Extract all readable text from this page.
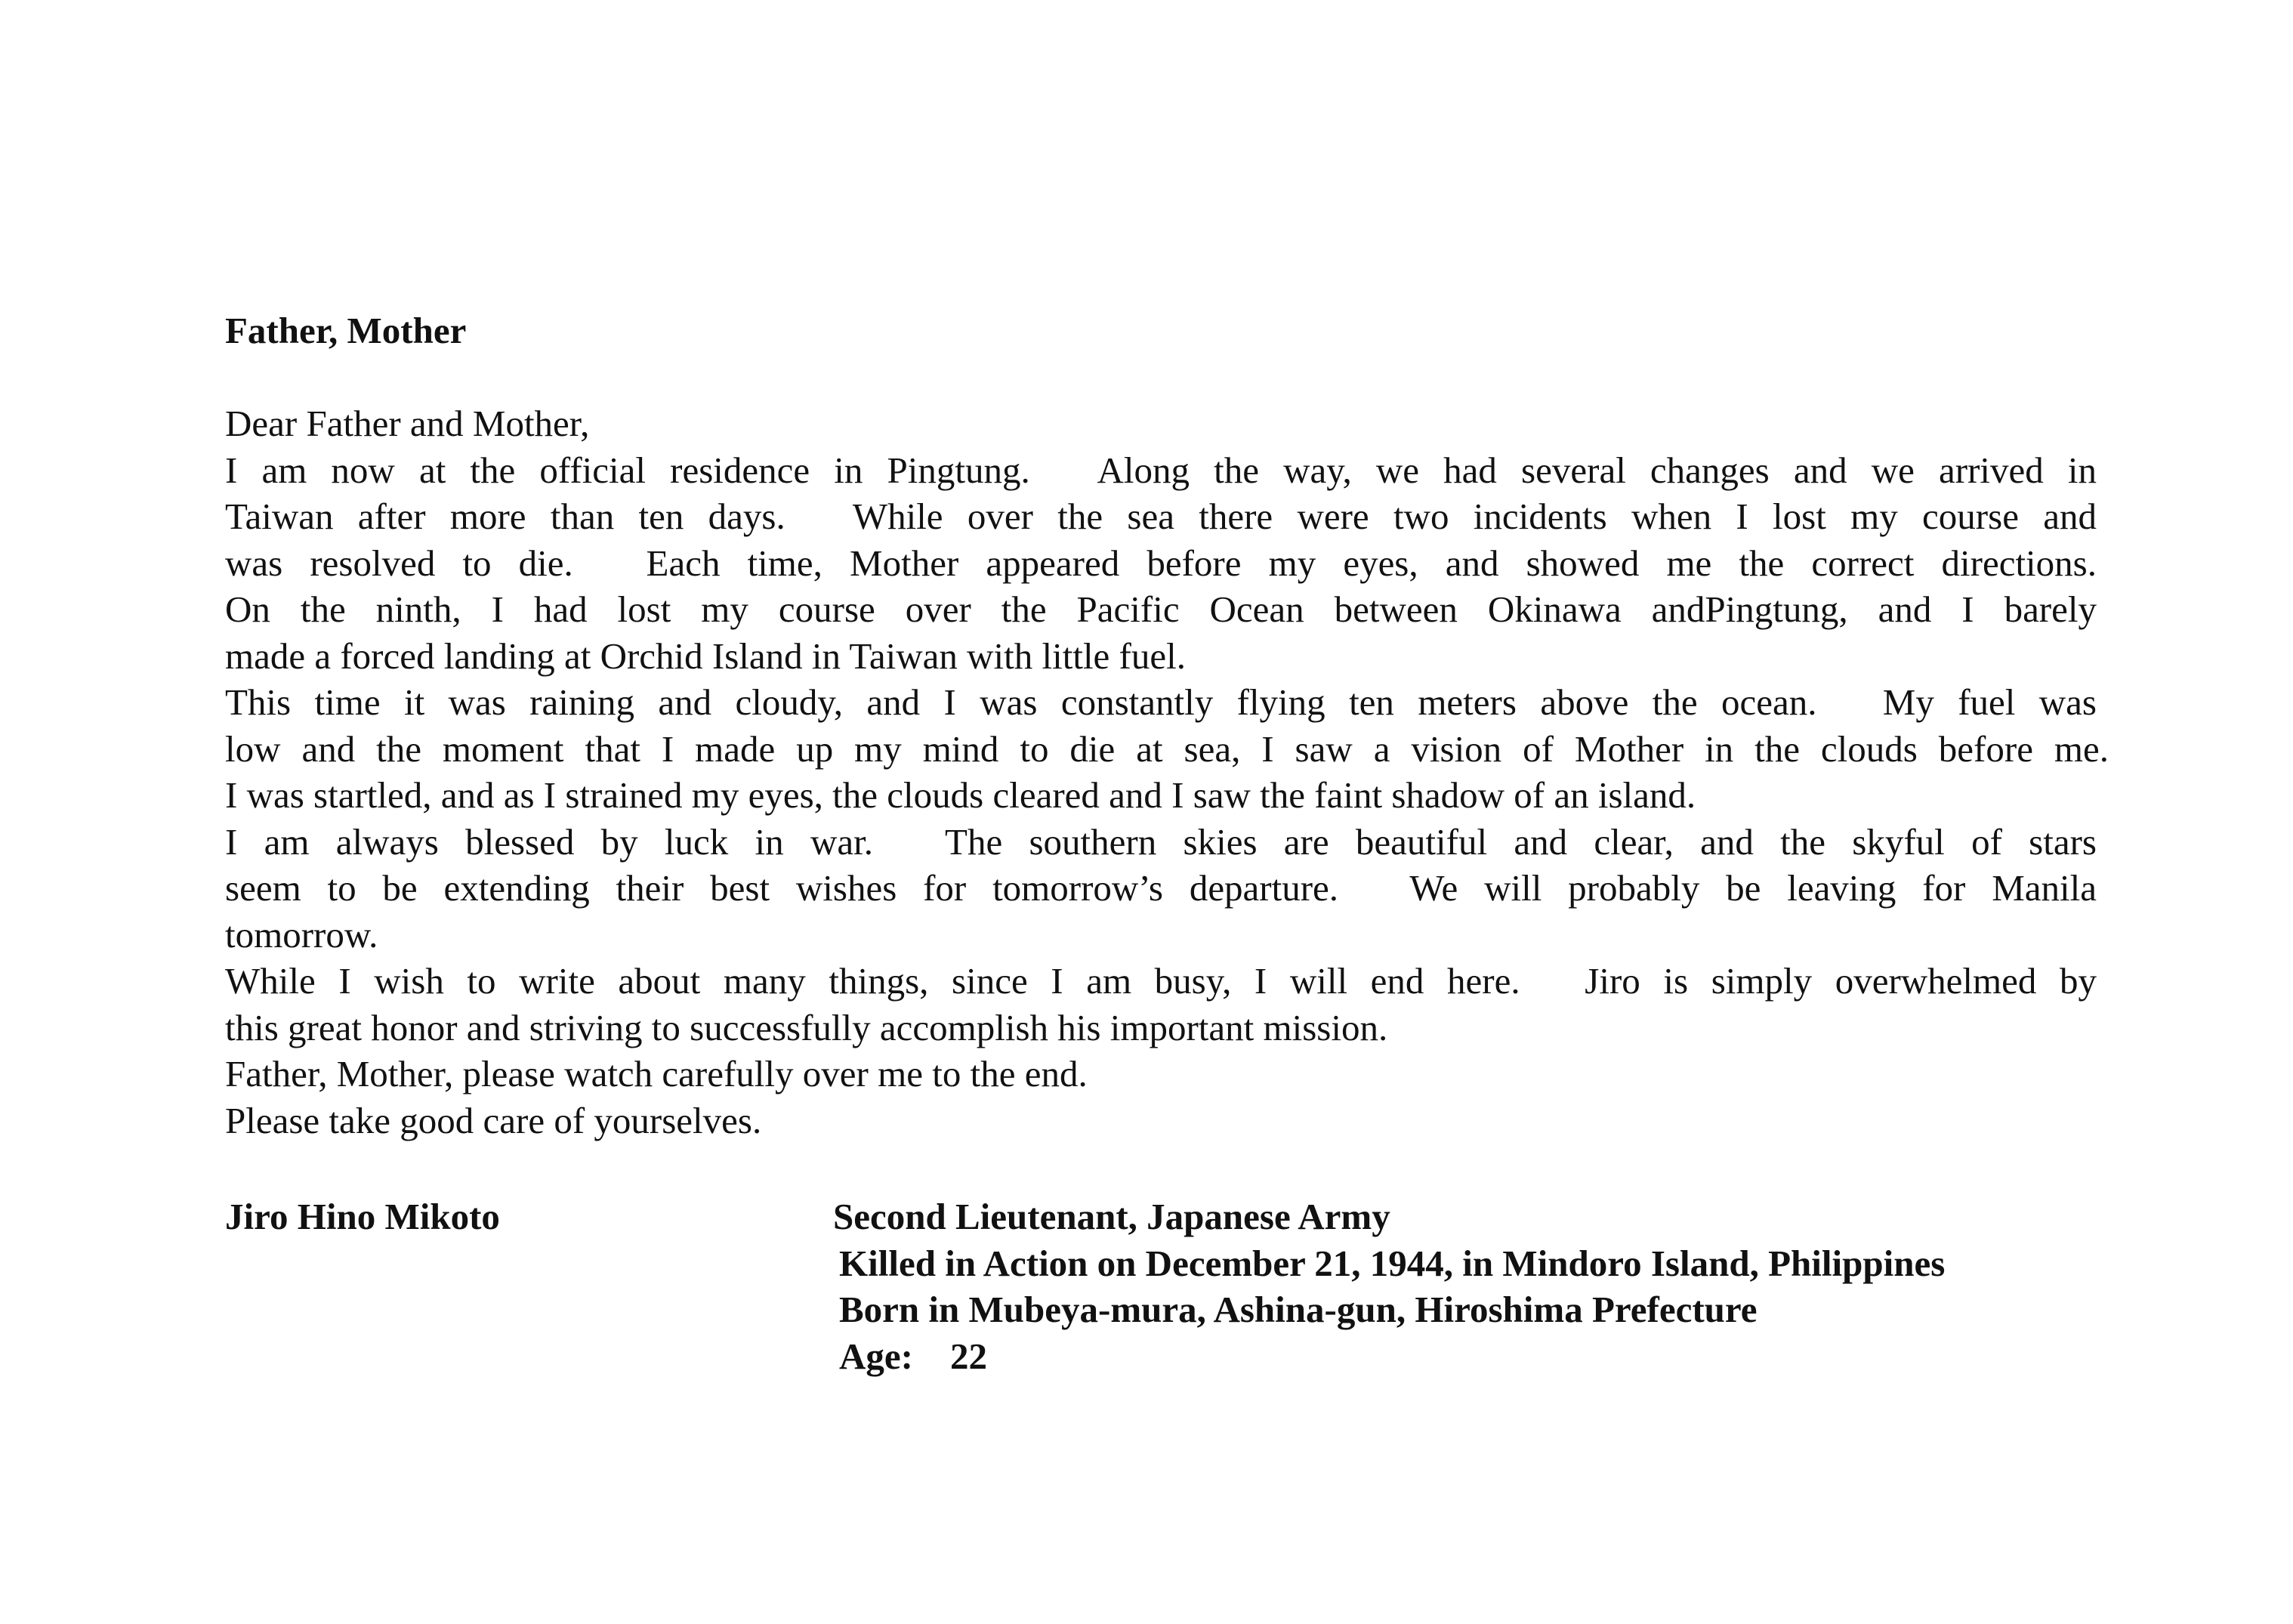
Father, Mother
Dear Father and Mother,
I am now at the official residence in Pingtung.　Along the way, we had several changes and we arrived in
Taiwan after more than ten days.　While over the sea there were two incidents when I lost my course and
was resolved to die.　Each time, Mother appeared before my eyes, and showed me the correct directions.
On the ninth, I had lost my course over the Pacific Ocean between Okinawa andPingtung, and I barely
made a forced landing at Orchid Island in Taiwan with little fuel.
This time it was raining and cloudy, and I was constantly flying ten meters above the ocean.　My fuel was
low and the moment that I made up my mind to die at sea, I saw a vision of Mother in the clouds before me.
I was startled, and as I strained my eyes, the clouds cleared and I saw the faint shadow of an island.
I am always blessed by luck in war.　The southern skies are beautiful and clear, and the skyful of stars
seem to be extending their best wishes for tomorrow’s departure.　We will probably be leaving for Manila
tomorrow.
While I wish to write about many things, since I am busy, I will end here.　Jiro is simply overwhelmed by
this great honor and striving to successfully accomplish his important mission.
Father, Mother, please watch carefully over me to the end.
Please take good care of yourselves.
Jiro Hino Mikoto	Second Lieutenant, Japanese Army
Killed in Action on December 21, 1944, in Mindoro Island, Philippines
Born in Mubeya-mura, Ashina-gun, Hiroshima Prefecture
Age:　22
